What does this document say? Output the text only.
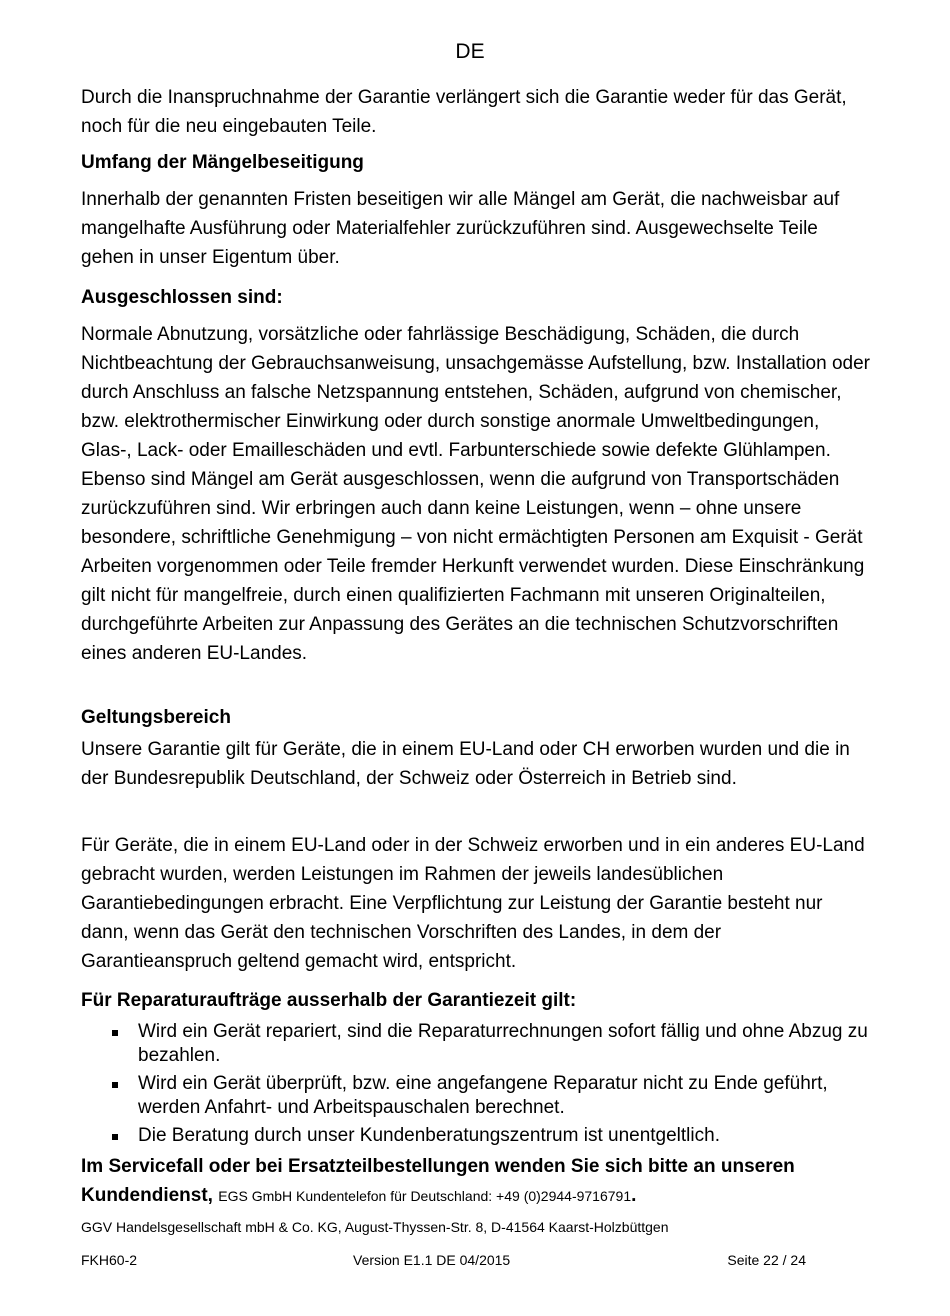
DE

Durch die Inanspruchnahme der Garantie verlängert sich die Garantie weder für das Gerät, noch für die neu eingebauten Teile.

Umfang der Mängelbeseitigung

Innerhalb der genannten Fristen beseitigen wir alle Mängel am Gerät, die nachweisbar auf mangelhafte Ausführung oder Materialfehler zurückzuführen sind. Ausgewechselte Teile gehen in unser Eigentum über.

Ausgeschlossen sind:

Normale Abnutzung, vorsätzliche oder fahrlässige Beschädigung, Schäden, die durch Nichtbeachtung der Gebrauchsanweisung, unsachgemässe Aufstellung, bzw. Installation oder durch Anschluss an falsche Netzspannung entstehen, Schäden, aufgrund von chemischer, bzw. elektrothermischer Einwirkung oder durch sonstige anormale Umweltbedingungen, Glas-, Lack- oder Emailleschäden und evtl. Farbunterschiede sowie defekte Glühlampen. Ebenso sind Mängel am Gerät ausgeschlossen, wenn die aufgrund von Transportschäden zurückzuführen sind. Wir erbringen auch dann keine Leistungen, wenn – ohne unsere besondere, schriftliche Genehmigung – von nicht ermächtigten Personen am Exquisit - Gerät Arbeiten vorgenommen oder Teile fremder Herkunft verwendet wurden. Diese Einschränkung gilt nicht für mangelfreie, durch einen qualifizierten Fachmann mit unseren Originalteilen, durchgeführte Arbeiten zur Anpassung des Gerätes an die technischen Schutzvorschriften eines anderen EU-Landes.

Geltungsbereich

Unsere Garantie gilt für Geräte, die in einem EU-Land oder CH erworben wurden und die in der Bundesrepublik Deutschland, der Schweiz oder Österreich in Betrieb sind.

Für Geräte, die in einem EU-Land oder in der Schweiz erworben und in ein anderes EU-Land gebracht wurden, werden Leistungen im Rahmen der jeweils landesüblichen Garantiebedingungen erbracht. Eine Verpflichtung zur Leistung der Garantie besteht nur dann, wenn das Gerät den technischen Vorschriften des Landes, in dem der Garantieanspruch geltend gemacht wird, entspricht.

Für Reparaturaufträge ausserhalb der Garantiezeit gilt:

Wird ein Gerät repariert, sind die Reparaturrechnungen sofort fällig und ohne Abzug zu bezahlen.
Wird ein Gerät überprüft, bzw. eine angefangene Reparatur nicht zu Ende geführt, werden Anfahrt- und Arbeitspauschalen berechnet.
Die Beratung durch unser Kundenberatungszentrum ist unentgeltlich.

Im Servicefall oder bei Ersatzteilbestellungen wenden Sie sich bitte an unseren Kundendienst, EGS GmbH Kundentelefon für Deutschland: +49 (0)2944-9716791.

GGV Handelsgesellschaft mbH & Co. KG, August-Thyssen-Str. 8, D-41564 Kaarst-Holzbüttgen
FKH60-2	Version E1.1 DE 04/2015	Seite 22 / 24
